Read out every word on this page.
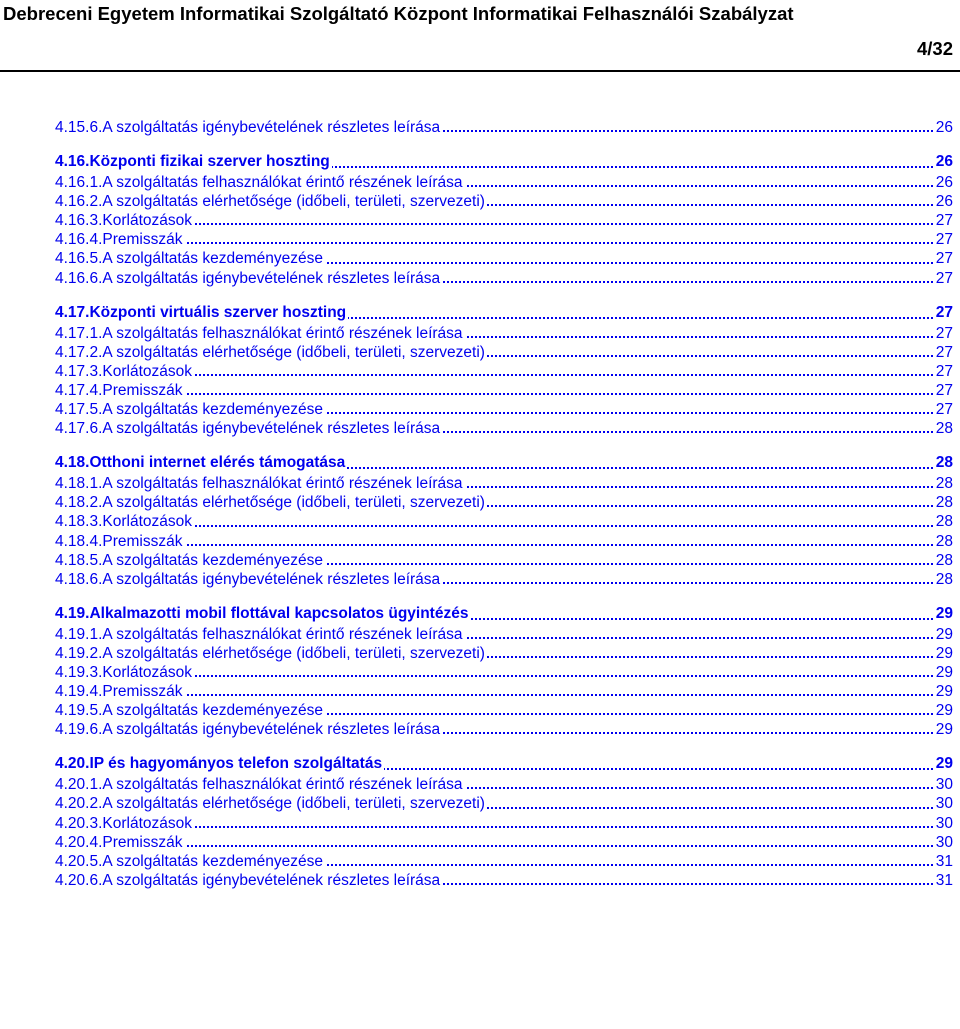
Debreceni Egyetem Informatikai Szolgáltató Központ Informatikai Felhasználói Szabályzat
4/32
4.15.6.A szolgáltatás igénybevételének részletes leírása	26
4.16.Központi fizikai szerver hoszting	26
4.16.1.A szolgáltatás felhasználókat érintő részének leírása	26
4.16.2.A szolgáltatás elérhetősége (időbeli, területi, szervezeti)	26
4.16.3.Korlátozások	27
4.16.4.Premisszák	27
4.16.5.A szolgáltatás kezdeményezése	27
4.16.6.A szolgáltatás igénybevételének részletes leírása	27
4.17.Központi virtuális szerver hoszting	27
4.17.1.A szolgáltatás felhasználókat érintő részének leírása	27
4.17.2.A szolgáltatás elérhetősége (időbeli, területi, szervezeti)	27
4.17.3.Korlátozások	27
4.17.4.Premisszák	27
4.17.5.A szolgáltatás kezdeményezése	27
4.17.6.A szolgáltatás igénybevételének részletes leírása	28
4.18.Otthoni internet elérés támogatása	28
4.18.1.A szolgáltatás felhasználókat érintő részének leírása	28
4.18.2.A szolgáltatás elérhetősége (időbeli, területi, szervezeti)	28
4.18.3.Korlátozások	28
4.18.4.Premisszák	28
4.18.5.A szolgáltatás kezdeményezése	28
4.18.6.A szolgáltatás igénybevételének részletes leírása	28
4.19.Alkalmazotti mobil flottával kapcsolatos ügyintézés	29
4.19.1.A szolgáltatás felhasználókat érintő részének leírása	29
4.19.2.A szolgáltatás elérhetősége (időbeli, területi, szervezeti)	29
4.19.3.Korlátozások	29
4.19.4.Premisszák	29
4.19.5.A szolgáltatás kezdeményezése	29
4.19.6.A szolgáltatás igénybevételének részletes leírása	29
4.20.IP és hagyományos telefon szolgáltatás	29
4.20.1.A szolgáltatás felhasználókat érintő részének leírása	30
4.20.2.A szolgáltatás elérhetősége (időbeli, területi, szervezeti)	30
4.20.3.Korlátozások	30
4.20.4.Premisszák	30
4.20.5.A szolgáltatás kezdeményezése	31
4.20.6.A szolgáltatás igénybevételének részletes leírása	31
